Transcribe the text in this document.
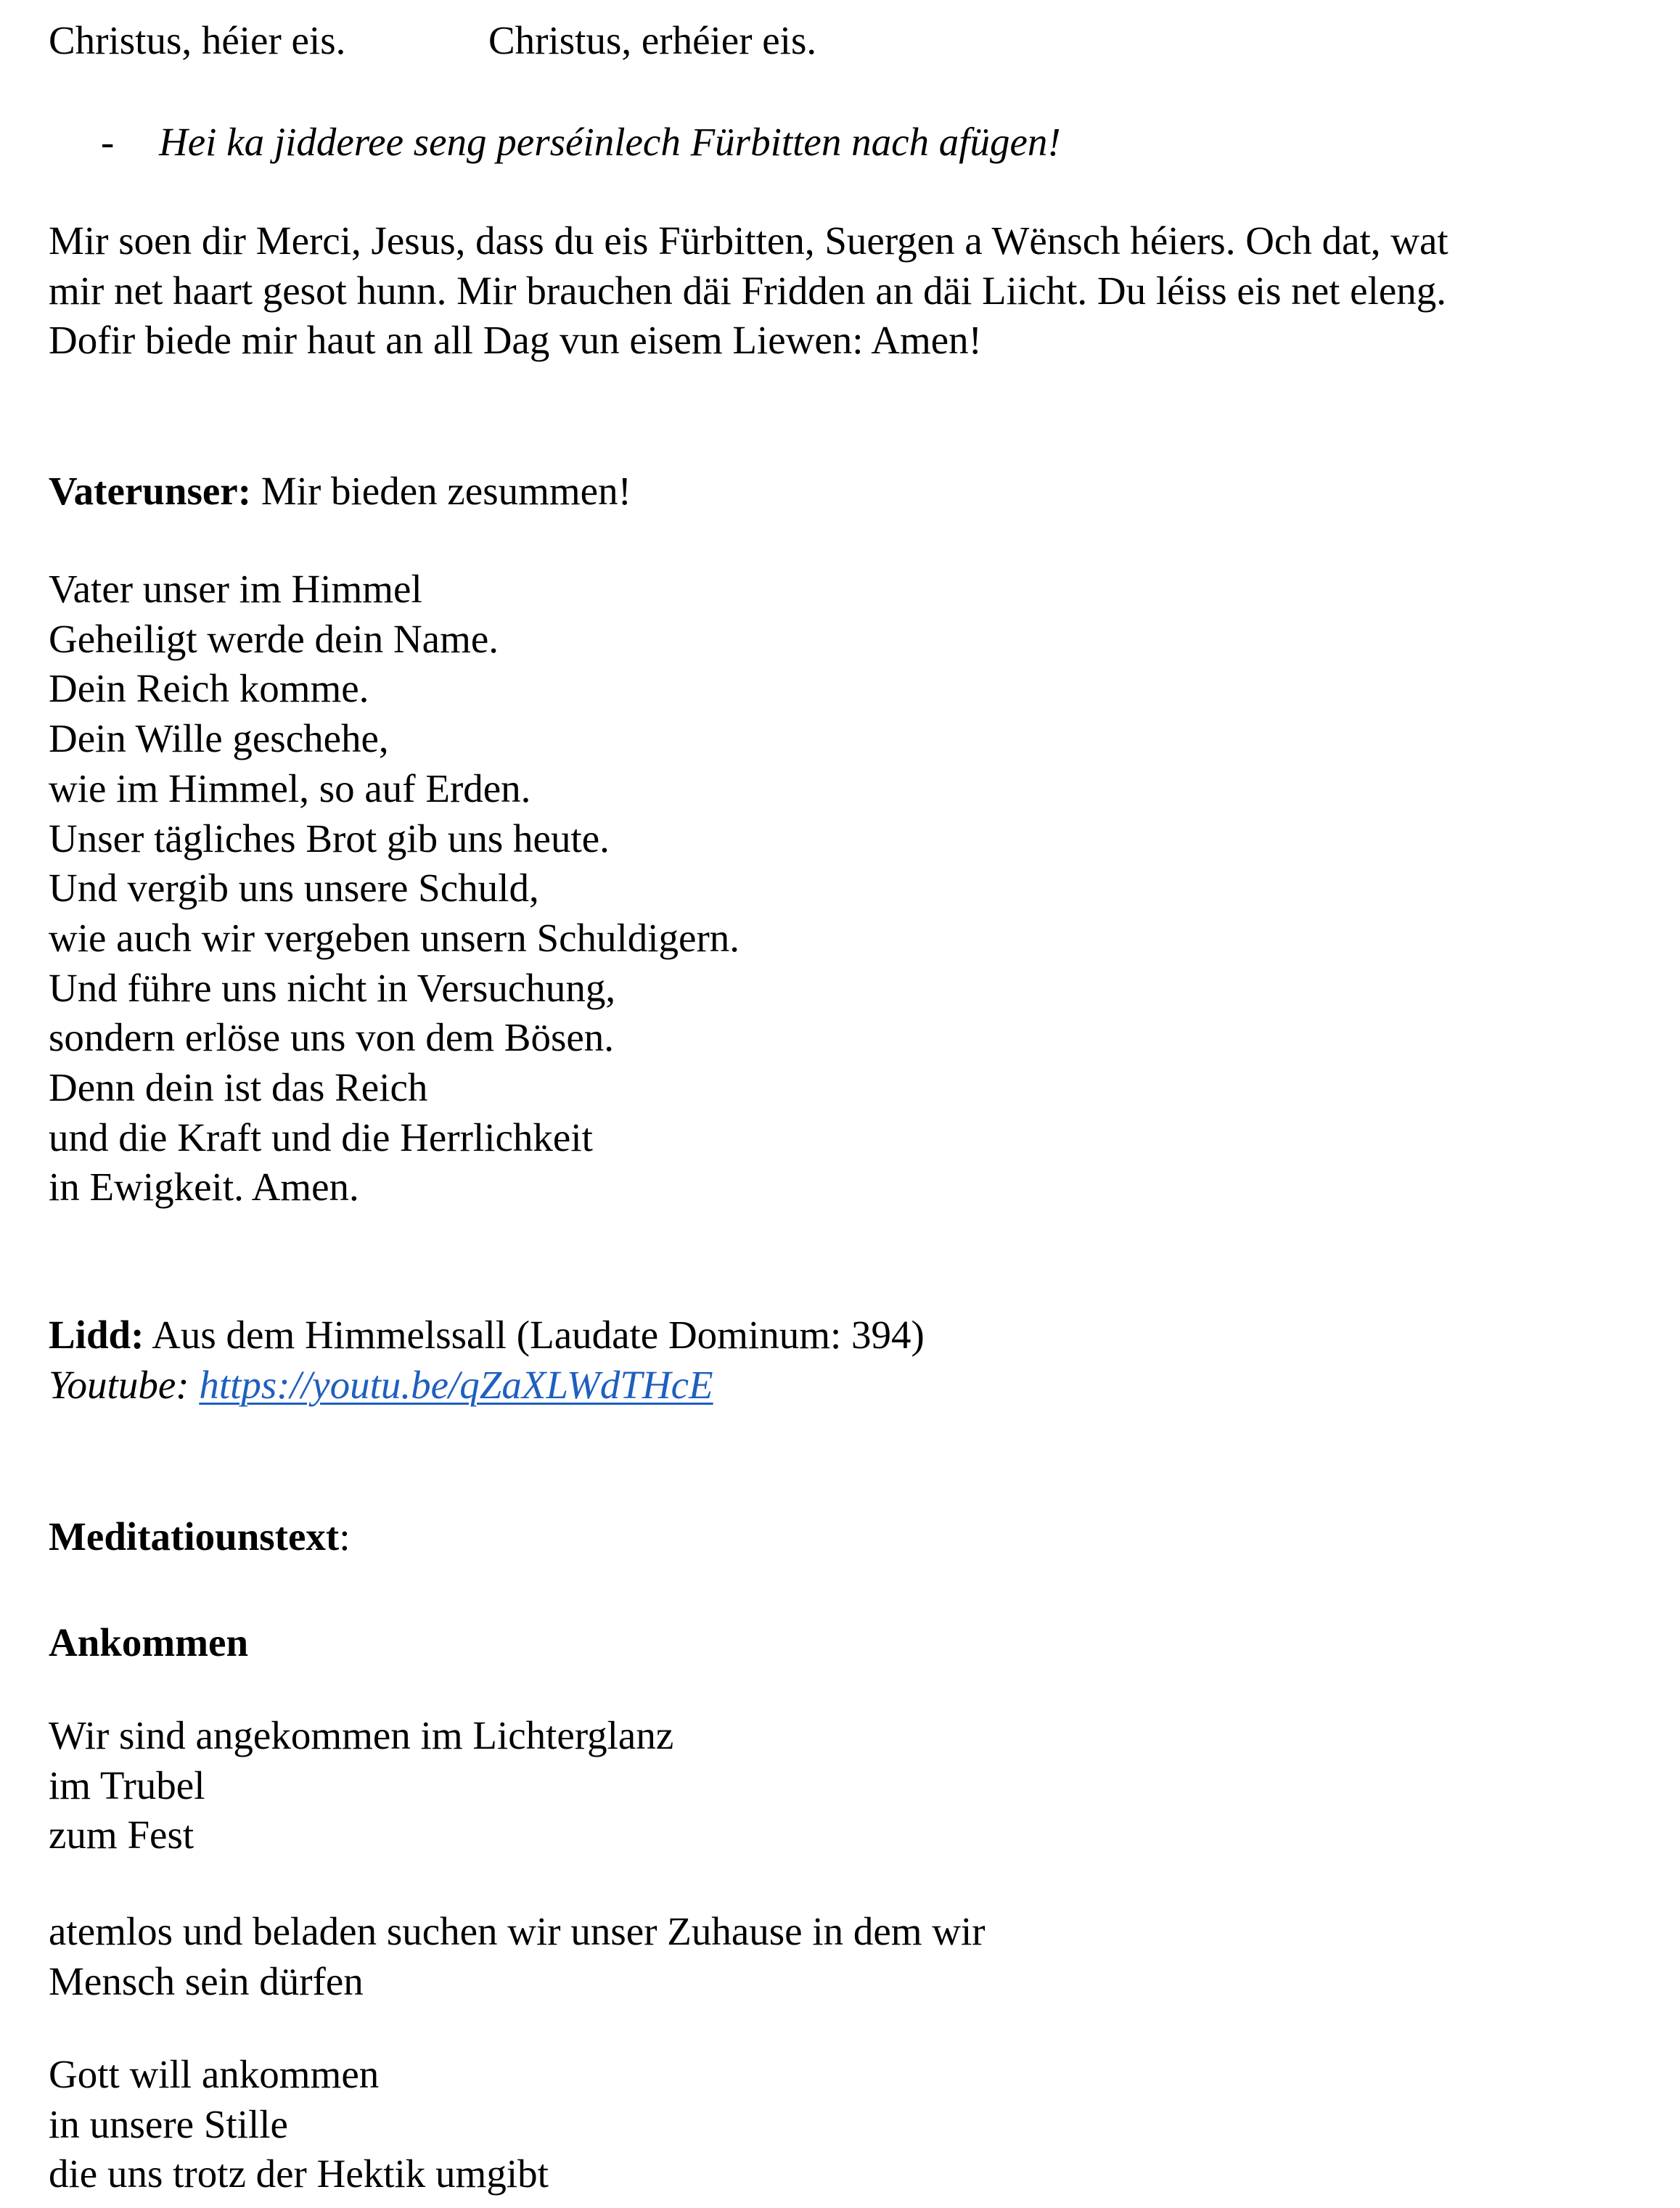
Christus, héier eis.	Christus, erhéier eis.
- Hei ka jidderee seng perséinlech Fürbitten nach afügen!
Mir soen dir Merci, Jesus, dass du eis Fürbitten, Suergen a Wënsch héiers. Och dat, wat
mir net haart gesot hunn. Mir brauchen däi Fridden an däi Liicht. Du léiss eis net eleng.
Dofir biede mir haut an all Dag vun eisem Liewen: Amen!
Vaterunser: Mir bieden zesummen!
Vater unser im Himmel
Geheiligt werde dein Name.
Dein Reich komme.
Dein Wille geschehe,
wie im Himmel, so auf Erden.
Unser tägliches Brot gib uns heute.
Und vergib uns unsere Schuld,
wie auch wir vergeben unsern Schuldigern.
Und führe uns nicht in Versuchung,
sondern erlöse uns von dem Bösen.
Denn dein ist das Reich
und die Kraft und die Herrlichkeit
in Ewigkeit. Amen.
Lidd: Aus dem Himmelssall (Laudate Dominum: 394)
Youtube: https://youtu.be/qZaXLWdTHcE
Meditatiounstext:
Ankommen
Wir sind angekommen im Lichterglanz
im Trubel
zum Fest
atemlos und beladen suchen wir unser Zuhause in dem wir
Mensch sein dürfen
Gott will ankommen
in unsere Stille
die uns trotz der Hektik umgibt
